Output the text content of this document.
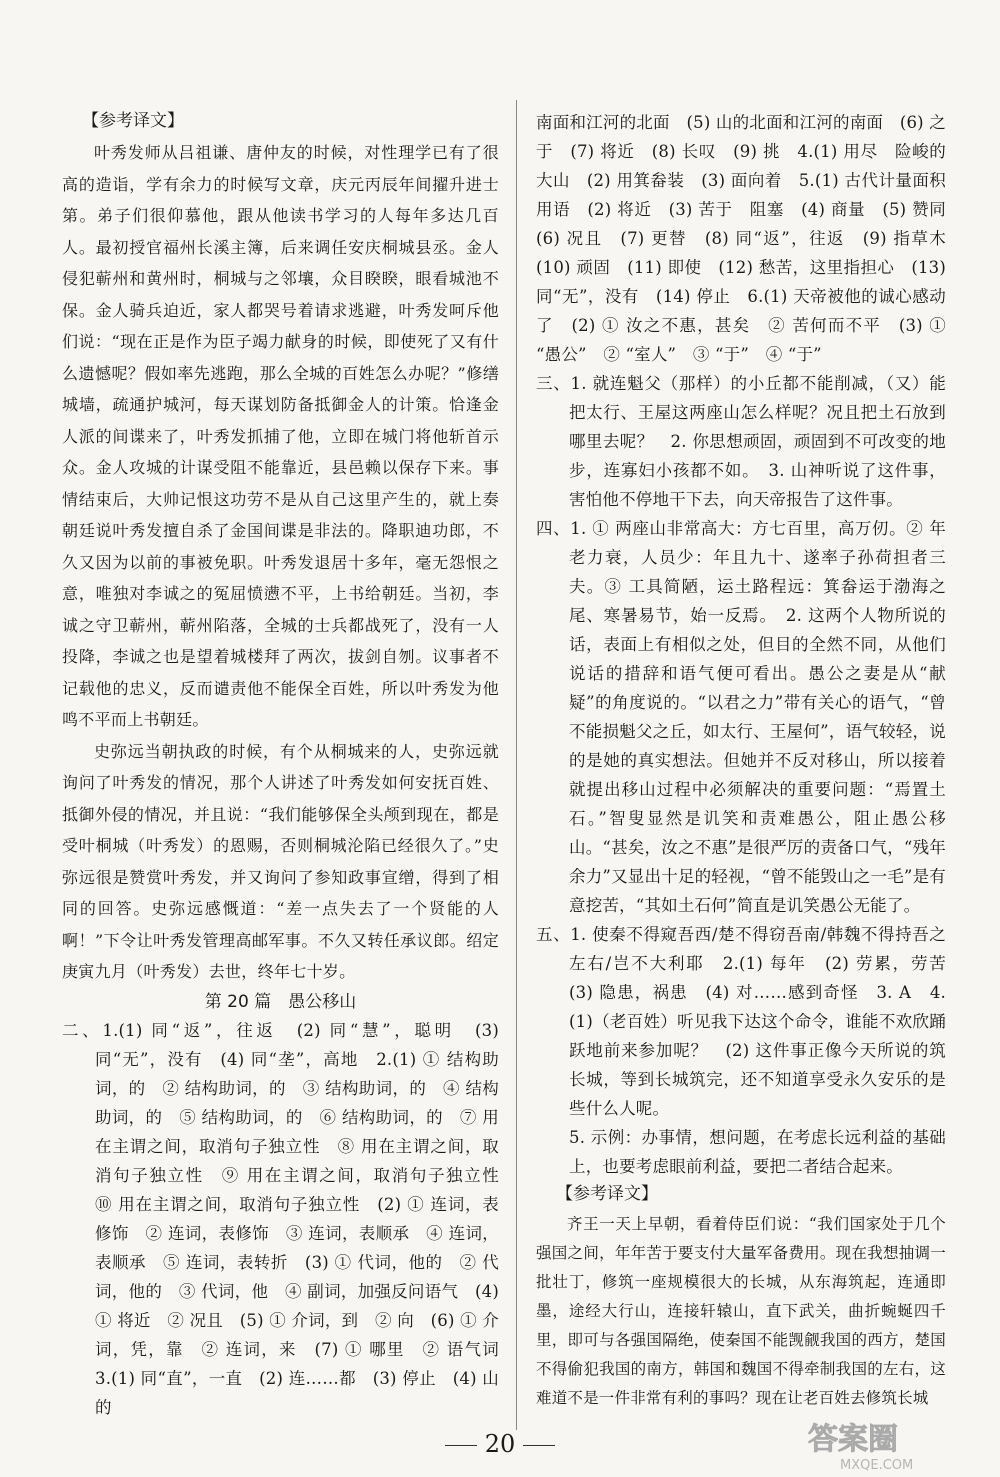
【参考译文】

叶秀发师从吕祖谦、唐仲友的时候，对性理学已有了很高的造诣，学有余力的时候写文章，庆元丙辰年间擢升进士第。弟子们很仰慕他，跟从他读书学习的人每年多达几百人。最初授官福州长溪主簿，后来调任安庆桐城县丞。金人侵犯蕲州和黄州时，桐城与之邻壤，众目睽睽，眼看城池不保。金人骑兵迫近，家人都哭号着请求逃避，叶秀发呵斥他们说：“现在正是作为臣子竭力献身的时候，即使死了又有什么遗憾呢？假如率先逃跑，那么全城的百姓怎么办呢？”修缮城墙，疏通护城河，每天谋划防备抵御金人的计策。恰逢金人派的间谍来了，叶秀发抓捕了他，立即在城门将他斩首示众。金人攻城的计谋受阻不能靠近，县邑赖以保存下来。事情结束后，大帅记恨这功劳不是从自己这里产生的，就上奏朝廷说叶秀发擅自杀了金国间谍是非法的。降职迪功郎，不久又因为以前的事被免职。叶秀发退居十多年，毫无怨恨之意，唯独对李诚之的冤屈愤懑不平，上书给朝廷。当初，李诚之守卫蕲州，蕲州陷落，全城的士兵都战死了，没有一人投降，李诚之也是望着城楼拜了两次，拔剑自刎。议事者不记载他的忠义，反而谴责他不能保全百姓，所以叶秀发为他鸣不平而上书朝廷。

史弥远当朝执政的时候，有个从桐城来的人，史弥远就询问了叶秀发的情况，那个人讲述了叶秀发如何安抚百姓、抵御外侵的情况，并且说：“我们能够保全头颅到现在，都是受叶桐城（叶秀发）的恩赐，否则桐城沦陷已经很久了。”史弥远很是赞赏叶秀发，并又询问了参知政事宣缯，得到了相同的回答。史弥远感慨道：“差一点失去了一个贤能的人啊！”下令让叶秀发管理高邮军事。不久又转任承议郎。绍定庚寅九月（叶秀发）去世，终年七十岁。

第 20 篇　愚公移山

二、1.(1) 同“返”，往返　(2) 同“慧”，聪明　(3) 同“无”，没有　(4) 同“垄”，高地　2.(1) ① 结构助词，的　② 结构助词，的　③ 结构助词，的　④ 结构助词，的　⑤ 结构助词，的　⑥ 结构助词，的　⑦ 用在主谓之间，取消句子独立性　⑧ 用在主谓之间，取消句子独立性　⑨ 用在主谓之间，取消句子独立性　⑩ 用在主谓之间，取消句子独立性　(2) ① 连词，表修饰　② 连词，表修饰　③ 连词，表顺承　④ 连词，表顺承　⑤ 连词，表转折　(3) ① 代词，他的　② 代词，他的　③ 代词，他　④ 副词，加强反问语气　(4) ① 将近　② 况且　(5) ① 介词，到　② 向　(6) ① 介词，凭，靠　② 连词，来　(7) ① 哪里　② 语气词　3.(1) 同“直”，一直　(2) 连……都　(3) 停止　(4) 山的

南面和江河的北面　(5) 山的北面和江河的南面　(6) 之于　(7) 将近　(8) 长叹　(9) 挑　4.(1) 用尽　险峻的大山　(2) 用箕畚装　(3) 面向着　5.(1) 古代计量面积用语　(2) 将近　(3) 苦于　阻塞　(4) 商量　(5) 赞同　(6) 况且　(7) 更替　(8) 同“返”，往返　(9) 指草木　(10) 顽固　(11) 即使　(12) 愁苦，这里指担心　(13) 同“无”，没有　(14) 停止　6.(1) 天帝被他的诚心感动了　(2) ① 汝之不惠，甚矣　② 苦何而不平　(3) ① “愚公”　② “室人”　③ “于”　④ “于”

三、1. 就连魁父（那样）的小丘都不能削减，（又）能把太行、王屋这两座山怎么样呢？况且把土石放到哪里去呢？　2. 你思想顽固，顽固到不可改变的地步，连寡妇小孩都不如。　3. 山神听说了这件事，害怕他不停地干下去，向天帝报告了这件事。

四、1. ① 两座山非常高大：方七百里，高万仞。② 年老力衰，人员少：年且九十、遂率子孙荷担者三夫。③ 工具简陋，运土路程远：箕畚运于渤海之尾、寒暑易节，始一反焉。　2. 这两个人物所说的话，表面上有相似之处，但目的全然不同，从他们说话的措辞和语气便可看出。愚公之妻是从“献疑”的角度说的。“以君之力”带有关心的语气，“曾不能损魁父之丘，如太行、王屋何”，语气较轻，说的是她的真实想法。但她并不反对移山，所以接着就提出移山过程中必须解决的重要问题：“焉置土石。”智叟显然是讥笑和责难愚公，阻止愚公移山。“甚矣，汝之不惠”是很严厉的责备口气，“残年余力”又显出十足的轻视，“曾不能毁山之一毛”是有意挖苦，“其如土石何”简直是讥笑愚公无能了。

五、1. 使秦不得窥吾西/楚不得窃吾南/韩魏不得持吾之左右/岂不大利耶　2.(1) 每年　(2) 劳累，劳苦　(3) 隐患，祸患　(4) 对……感到奇怪　3. A　4.(1)（老百姓）听见我下达这个命令，谁能不欢欣踊跃地前来参加呢？　(2) 这件事正像今天所说的筑长城，等到长城筑完，还不知道享受永久安乐的是些什么人呢。

5. 示例：办事情，想问题，在考虑长远利益的基础上，也要考虑眼前利益，要把二者结合起来。

【参考译文】

齐王一天上早朝，看着侍臣们说：“我们国家处于几个强国之间，年年苦于要支付大量军备费用。现在我想抽调一批壮丁，修筑一座规模很大的长城，从东海筑起，连通即墨，途经大行山，连接轩辕山，直下武关，曲折蜿蜒四千里，即可与各强国隔绝，使秦国不能觊觎我国的西方，楚国不得偷犯我国的南方，韩国和魏国不得牵制我国的左右，这难道不是一件非常有利的事吗？现在让老百姓去修筑长城

20	答案圈
MXQE.COM
